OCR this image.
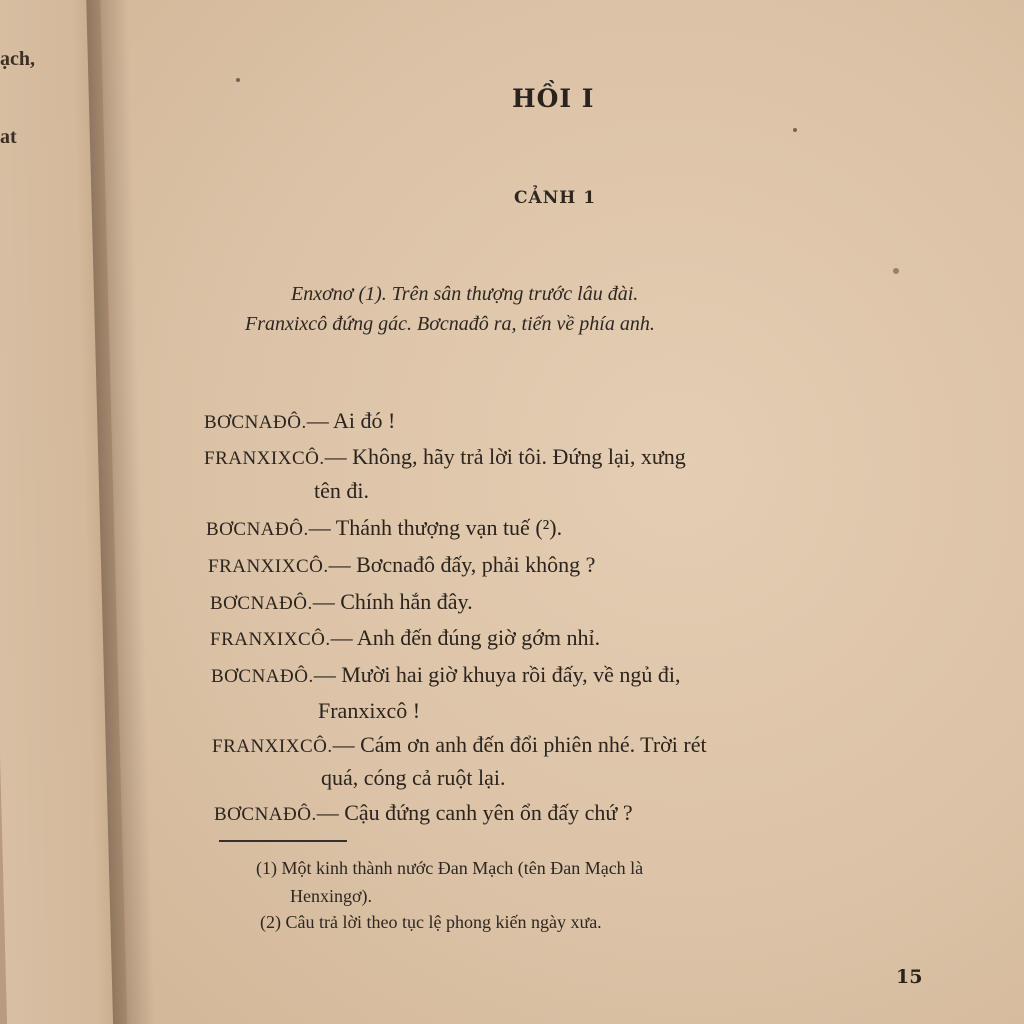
ạch,
at
HỒI I
CẢNH 1
Enxơnơ (1). Trên sân thượng trước lâu đài.
Franxixcô đứng gác. Bơcnađô ra, tiến về phía anh.
BƠCNAĐÔ.— Ai đó !
FRANXIXCÔ.— Không, hãy trả lời tôi. Đứng lại, xưng
tên đi.
BƠCNAĐÔ.— Thánh thượng vạn tuế (²).
FRANXIXCÔ.— Bơcnađô đấy, phải không ?
BƠCNAĐÔ.— Chính hắn đây.
FRANXIXCÔ.— Anh đến đúng giờ gớm nhỉ.
BƠCNAĐÔ.— Mười hai giờ khuya rồi đấy, về ngủ đi,
Franxixcô !
FRANXIXCÔ.— Cám ơn anh đến đổi phiên nhé. Trời rét
quá, cóng cả ruột lại.
BƠCNAĐÔ.— Cậu đứng canh yên ổn đấy chứ ?
(1) Một kinh thành nước Đan Mạch (tên Đan Mạch là
Henxingơ).
(2) Câu trả lời theo tục lệ phong kiến ngày xưa.
15
